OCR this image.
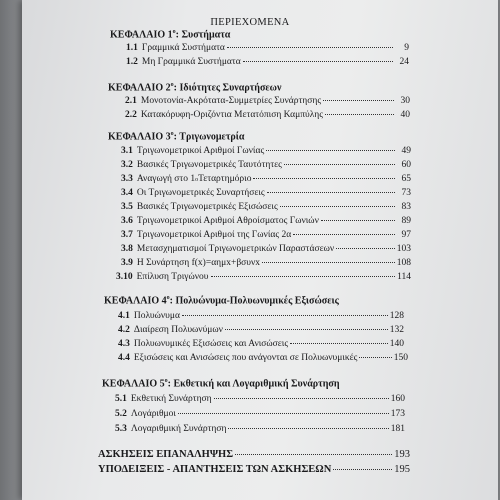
ΠΕΡΙΕΧΟΜΕΝΑ
ΚΕΦΑΛΑΙΟ $1^o$: Συστήματα
1.1 Γραμμικά Συστήματα	9
1.2 Μη Γραμμικά Συστήματα	24
ΚΕΦΑΛΑΙΟ $2^o$: Ιδιότητες Συναρτήσεων
2.1 Μονοτονία-Ακρότατα-Συμμετρίες Συνάρτησης	30
2.2 Κατακόρυφη-Οριζόντια Μετατόπιση Καμπύλης	40
ΚΕΦΑΛΑΙΟ $3^o$: Τριγωνομετρία
3.1 Τριγωνομετρικοί Αριθμοί Γωνίας	49
3.2 Βασικές Τριγωνομετρικές Ταυτότητες	60
3.3 Αναγωγή στο 1 ο Τεταρτημόριο	65
3.4 Οι Τριγωνομετρικές Συναρτήσεις	73
3.5 Βασικές Τριγωνομετρικές Εξισώσεις	83
3.6 Τριγωνομετρικοί Αριθμοί Αθροίσματος Γωνιών	89
3.7 Τριγωνομετρικοί Αριθμοί της Γωνίας 2α	97
3.8 Μετασχηματισμοί Τριγωνομετρικών Παραστάσεων	103
3.9 Η Συνάρτηση f(x)=αημx+βσυνx	108
3.10 Επίλυση Τριγώνου	114
ΚΕΦΑΛΑΙΟ $4^o$: Πολυώνυμα-Πολυωνυμικές Εξισώσεις
4.1 Πολυώνυμα	128
4.2 Διαίρεση Πολυωνύμων	132
4.3 Πολυωνυμικές Εξισώσεις και Ανισώσεις	140
4.4 Εξισώσεις και Ανισώσεις που ανάγονται σε Πολυωνυμικές	150
ΚΕΦΑΛΑΙΟ $5^o$: Εκθετική και Λογαριθμική Συνάρτηση
5.1 Εκθετική Συνάρτηση	160
5.2 Λογάριθμοι	173
5.3 Λογαριθμική Συνάρτηση	181
ΑΣΚΗΣΕΙΣ ΕΠΑΝΑΛΗΨΗΣ	193
ΥΠΟΔΕΙΞΕΙΣ - ΑΠΑΝΤΗΣΕΙΣ ΤΩΝ ΑΣΚΗΣΕΩΝ	195
